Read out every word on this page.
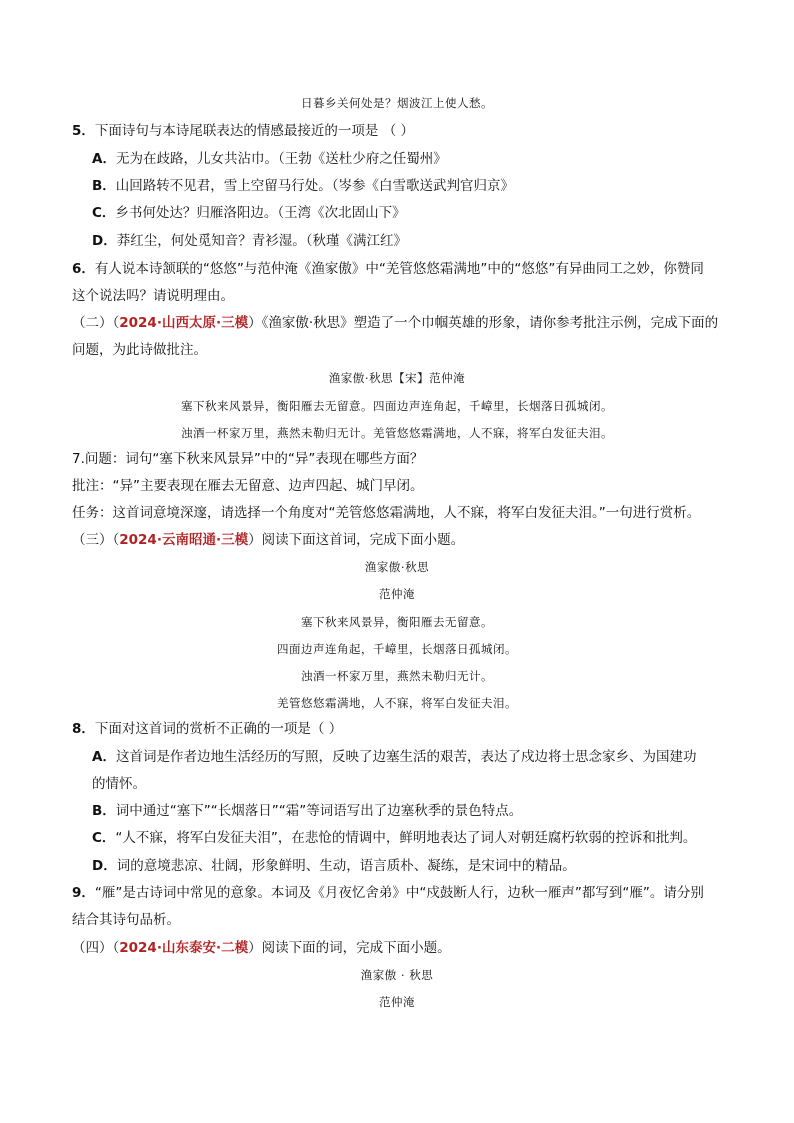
日暮乡关何处是？烟波江上使人愁。
5．下面诗句与本诗尾联表达的情感最接近的一项是 （ ）
A．无为在歧路，儿女共沾巾。（王勃《送杜少府之任蜀州》
B．山回路转不见君，雪上空留马行处。（岑参《白雪歌送武判官归京》
C．乡书何处达？归雁洛阳边。（王湾《次北固山下》
D．莽红尘，何处觅知音？青衫湿。（秋瑾《满江红》
6．有人说本诗颔联的“悠悠”与范仲淹《渔家傲》中“羌管悠悠霜满地”中的“悠悠”有异曲同工之妙，你赞同
这个说法吗？请说明理由。
（二）（2024·山西太原·三模）《渔家傲·秋思》塑造了一个巾帼英雄的形象，请你参考批注示例，完成下面的
问题，为此诗做批注。
渔家傲·秋思【宋】范仲淹
塞下秋来风景异，衡阳雁去无留意。四面边声连角起，千嶂里，长烟落日孤城闭。
浊酒一杯家万里，燕然未勒归无计。羌管悠悠霜满地，人不寐，将军白发征夫泪。
7.问题：词句“塞下秋来风景异”中的“异”表现在哪些方面？
批注：“异”主要表现在雁去无留意、边声四起、城门早闭。
任务：这首词意境深邃，请选择一个角度对“羌管悠悠霜满地，人不寐，将军白发征夫泪。”一句进行赏析。
（三）（2024·云南昭通·三模）阅读下面这首词，完成下面小题。
渔家傲·秋思
范仲淹
塞下秋来风景异，衡阳雁去无留意。
四面边声连角起，千嶂里，长烟落日孤城闭。
浊酒一杯家万里，燕然未勒归无计。
羌管悠悠霜满地，人不寐，将军白发征夫泪。
8．下面对这首词的赏析不正确的一项是（ ）
A．这首词是作者边地生活经历的写照，反映了边塞生活的艰苦，表达了戍边将士思念家乡、为国建功
的情怀。
B．词中通过“塞下”“长烟落日”“霜”等词语写出了边塞秋季的景色特点。
C．“人不寐，将军白发征夫泪”，在悲怆的情调中，鲜明地表达了词人对朝廷腐朽软弱的控诉和批判。
D．词的意境悲凉、壮阔，形象鲜明、生动，语言质朴、凝练，是宋词中的精品。
9．“雁”是古诗词中常见的意象。本词及《月夜忆舍弟》中“戍鼓断人行，边秋一雁声”都写到“雁”。请分别
结合其诗句品析。
（四）（2024·山东泰安·二模）阅读下面的词，完成下面小题。
渔家傲 · 秋思
范仲淹
